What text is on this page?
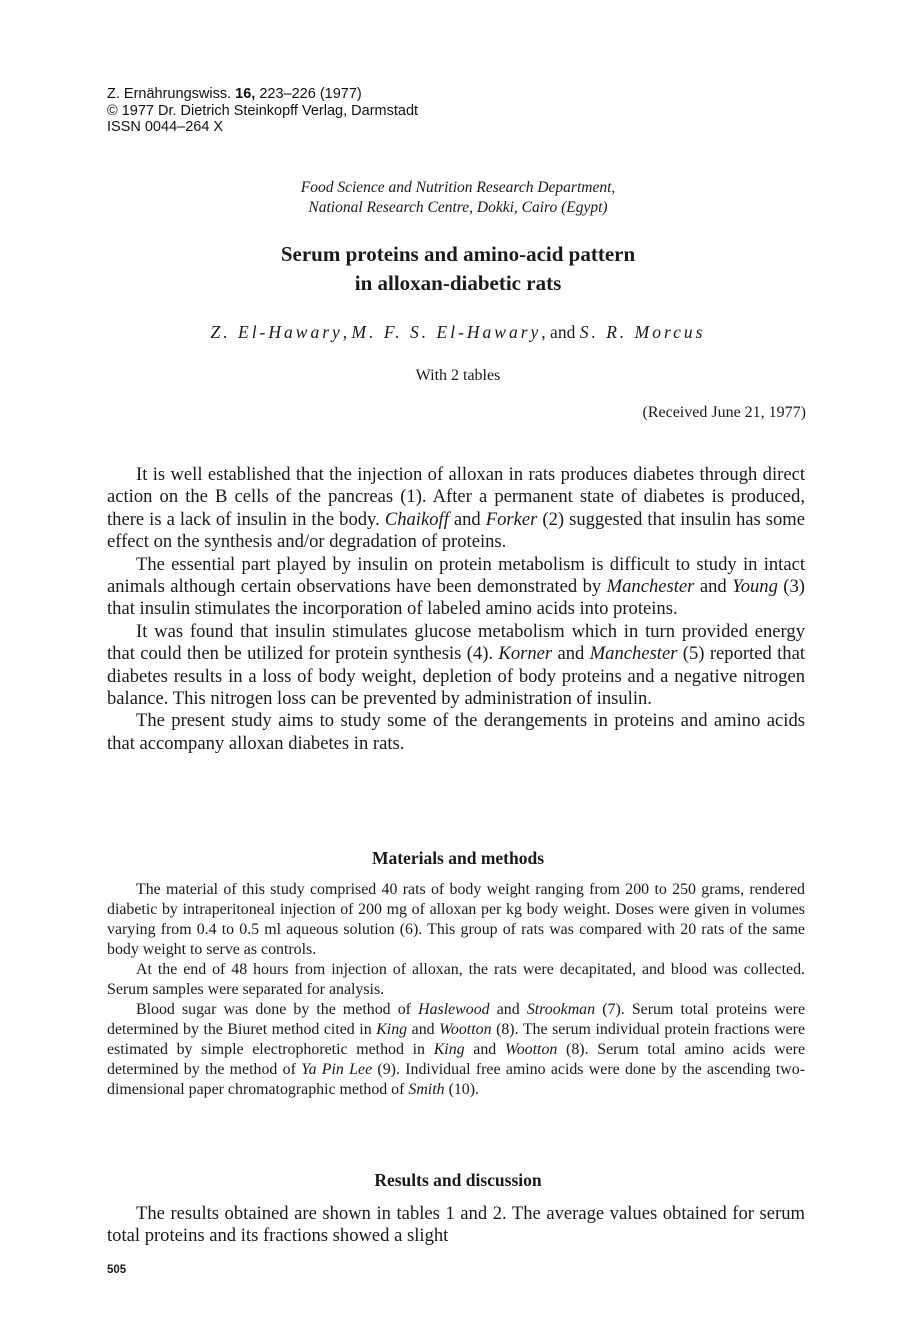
Z. Ernährungswiss. 16, 223–226 (1977)
© 1977 Dr. Dietrich Steinkopff Verlag, Darmstadt
ISSN 0044–264 X
Food Science and Nutrition Research Department,
National Research Centre, Dokki, Cairo (Egypt)
Serum proteins and amino-acid pattern
in alloxan-diabetic rats
Z. El-Hawary, M. F. S. El-Hawary, and S. R. Morcus
With 2 tables
(Received June 21, 1977)

It is well established that the injection of alloxan in rats produces diabetes through direct action on the B cells of the pancreas (1). After a permanent state of diabetes is produced, there is a lack of insulin in the body. Chaikoff and Forker (2) suggested that insulin has some effect on the synthesis and/or degradation of proteins.

The essential part played by insulin on protein metabolism is difficult to study in intact animals although certain observations have been demonstrated by Manchester and Young (3) that insulin stimulates the incorporation of labeled amino acids into proteins.

It was found that insulin stimulates glucose metabolism which in turn provided energy that could then be utilized for protein synthesis (4). Korner and Manchester (5) reported that diabetes results in a loss of body weight, depletion of body proteins and a negative nitrogen balance. This nitrogen loss can be prevented by administration of insulin.

The present study aims to study some of the derangements in proteins and amino acids that accompany alloxan diabetes in rats.

Materials and methods

The material of this study comprised 40 rats of body weight ranging from 200 to 250 grams, rendered diabetic by intraperitoneal injection of 200 mg of alloxan per kg body weight. Doses were given in volumes varying from 0.4 to 0.5 ml aqueous solution (6). This group of rats was compared with 20 rats of the same body weight to serve as controls.

At the end of 48 hours from injection of alloxan, the rats were decapitated, and blood was collected. Serum samples were separated for analysis.

Blood sugar was done by the method of Haslewood and Strookman (7). Serum total proteins were determined by the Biuret method cited in King and Wootton (8). The serum individual protein fractions were estimated by simple electrophoretic method in King and Wootton (8). Serum total amino acids were determined by the method of Ya Pin Lee (9). Individual free amino acids were done by the ascending two-dimensional paper chromatographic method of Smith (10).

Results and discussion

The results obtained are shown in tables 1 and 2. The average values obtained for serum total proteins and its fractions showed a slight

505
